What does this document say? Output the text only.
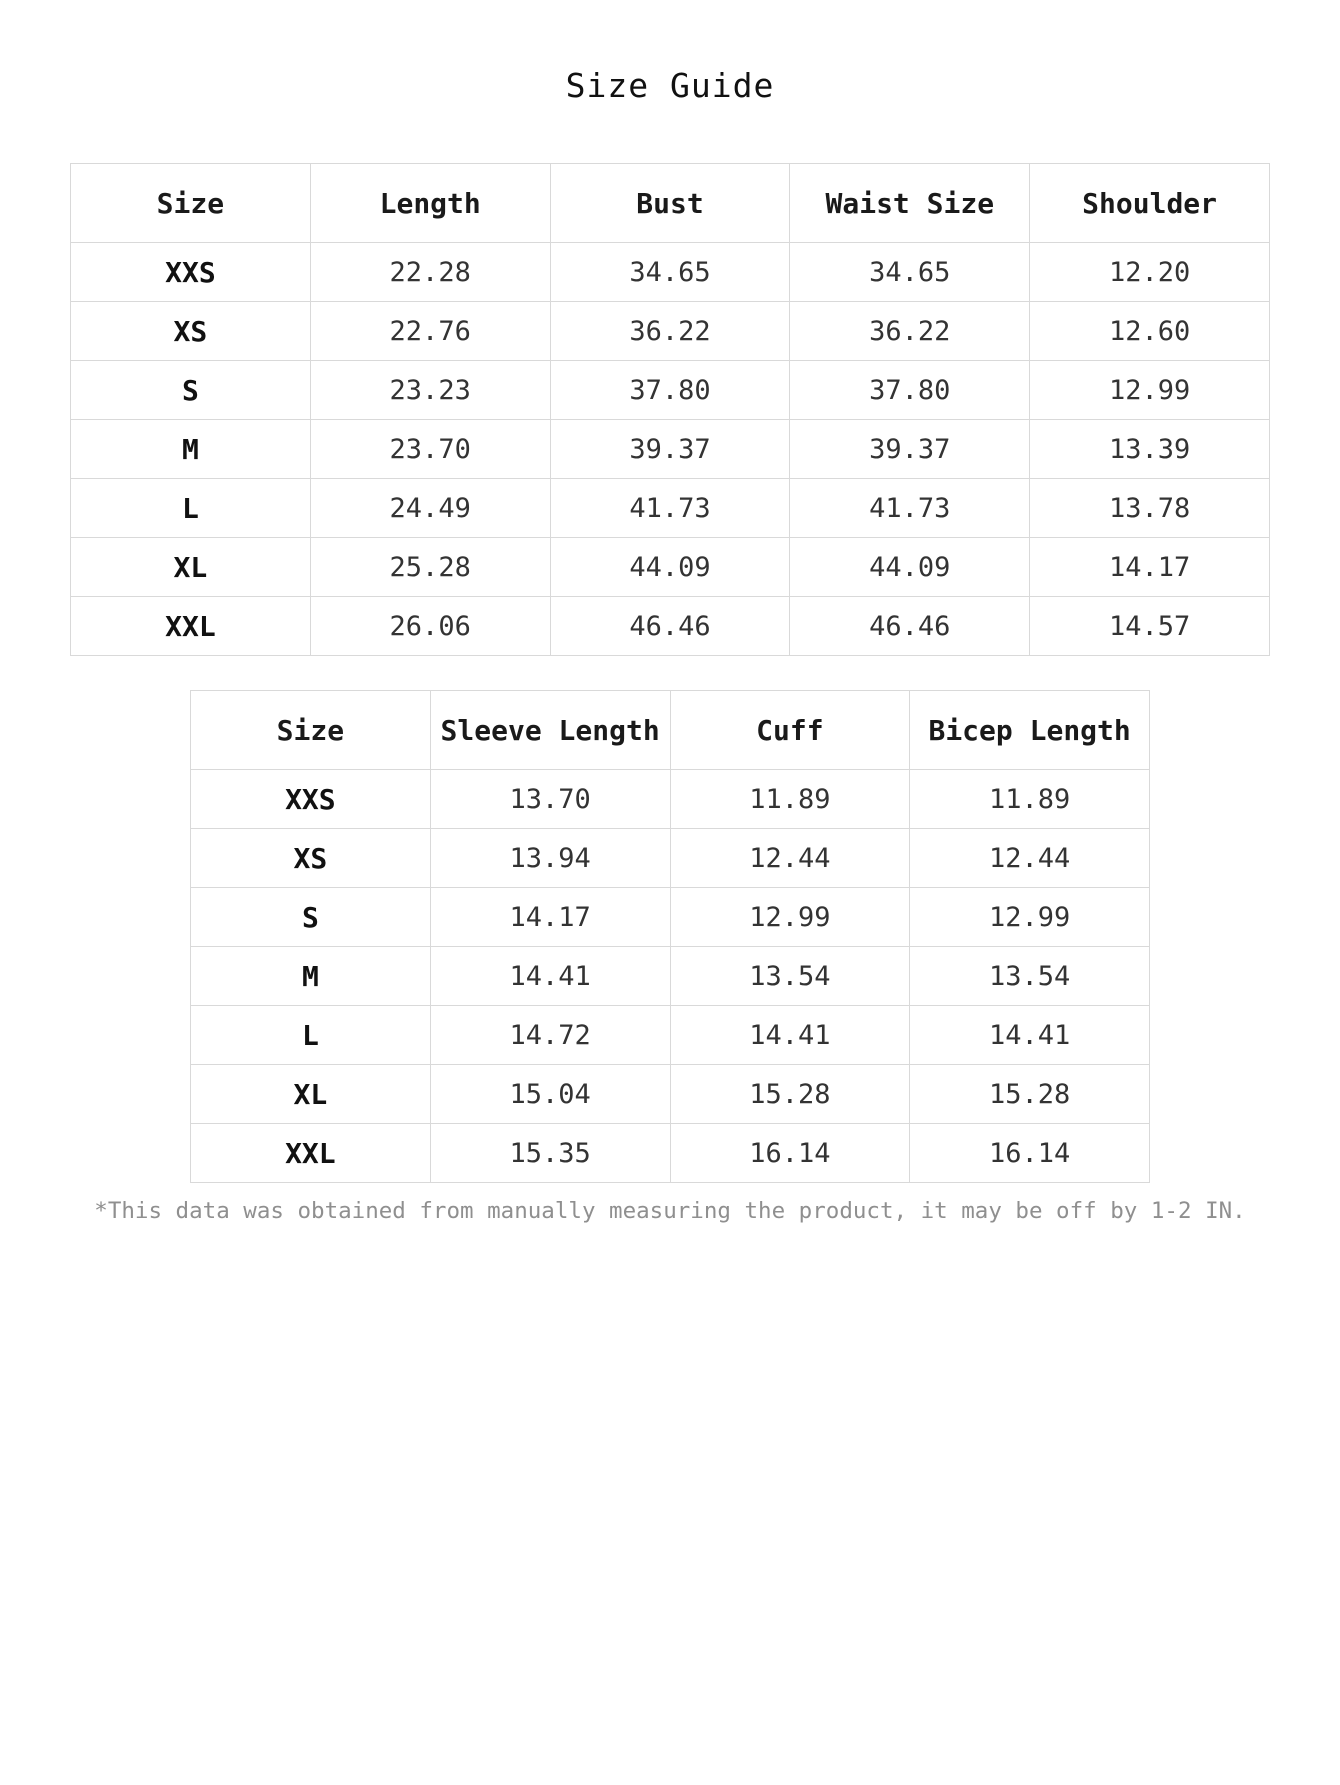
Size Guide
Size	Length	Bust	Waist Size	Shoulder
XXS	22.28	34.65	34.65	12.20
XS	22.76	36.22	36.22	12.60
S	23.23	37.80	37.80	12.99
M	23.70	39.37	39.37	13.39
L	24.49	41.73	41.73	13.78
XL	25.28	44.09	44.09	14.17
XXL	26.06	46.46	46.46	14.57
Size	Sleeve Length	Cuff	Bicep Length
XXS	13.70	11.89	11.89
XS	13.94	12.44	12.44
S	14.17	12.99	12.99
M	14.41	13.54	13.54
L	14.72	14.41	14.41
XL	15.04	15.28	15.28
XXL	15.35	16.14	16.14
*This data was obtained from manually measuring the product, it may be off by 1-2 IN.
